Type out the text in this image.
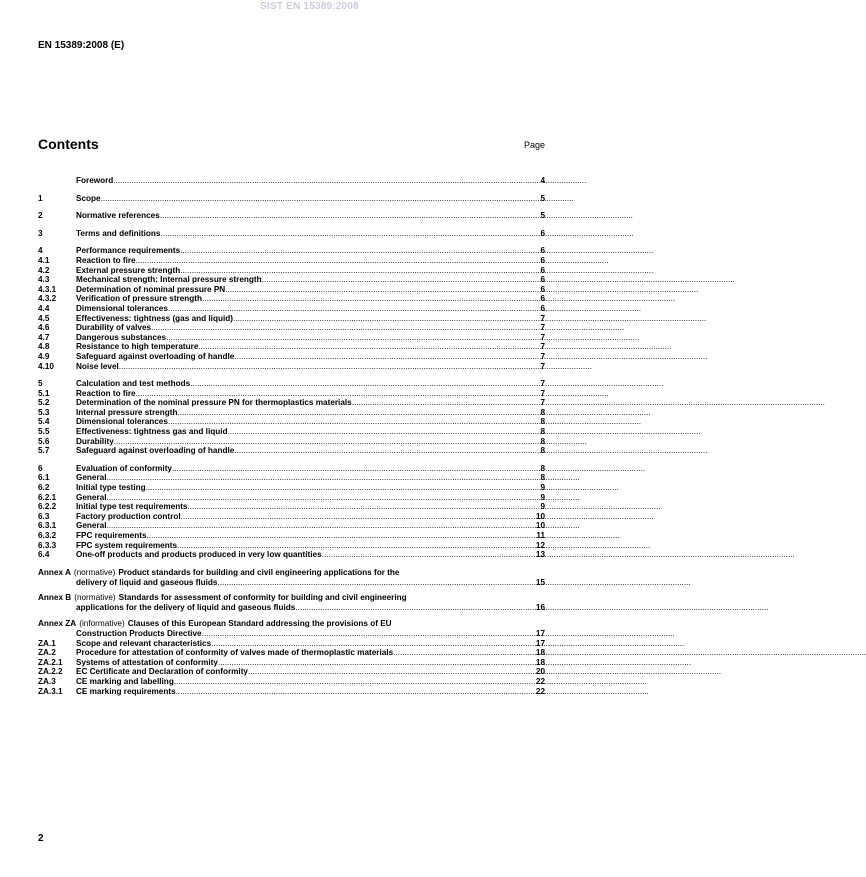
SIST EN 15389:2008
EN 15389:2008 (E)
Contents	Page
Foreword .....	4
1	Scope .....	5
2	Normative references .....	5
3	Terms and definitions .....	6
4	Performance requirements .....	6
4.1	Reaction to fire .....	6
4.2	External pressure strength .....	6
4.3	Mechanical strength: Internal pressure strength .....	6
4.3.1	Determination of nominal pressure PN .....	6
4.3.2	Verification of pressure strength .....	6
4.4	Dimensional tolerances .....	6
4.5	Effectiveness: tightness (gas and liquid) .....	7
4.6	Durability of valves .....	7
4.7	Dangerous substances .....	7
4.8	Resistance to high temperature .....	7
4.9	Safeguard against overloading of handle .....	7
4.10	Noise level .....	7
5	Calculation and test methods .....	7
5.1	Reaction to fire .....	7
5.2	Determination of the nominal pressure PN for thermoplastics materials .....	7
5.3	Internal pressure strength .....	8
5.4	Dimensional tolerances .....	8
5.5	Effectiveness: tightness gas and liquid .....	8
5.6	Durability .....	8
5.7	Safeguard against overloading of handle .....	8
6	Evaluation of conformity .....	8
6.1	General .....	8
6.2	Initial type testing .....	9
6.2.1	General .....	9
6.2.2	Initial type test requirements .....	9
6.3	Factory production control .....	10
6.3.1	General .....	10
6.3.2	FPC requirements .....	11
6.3.3	FPC system requirements .....	12
6.4	One-off products and products produced in very low quantities .....	13
Annex A (normative) Product standards for building and civil engineering applications for the
delivery of liquid and gaseous fluids .....	15
Annex B (normative) Standards for assessment of conformity for building and civil engineering
applications for the delivery of liquid and gaseous fluids .....	16
Annex ZA (informative) Clauses of this European Standard addressing the provisions of EU
Construction Products Directive .....	17
ZA.1	Scope and relevant characteristics .....	17
ZA.2	Procedure for attestation of conformity of valves made of thermoplastic materials .....	18
ZA.2.1	Systems of attestation of conformity .....	18
ZA.2.2	EC Certificate and Declaration of conformity .....	20
ZA.3	CE marking and labelling .....	22
ZA.3.1	CE marking requirements .....	22
2
